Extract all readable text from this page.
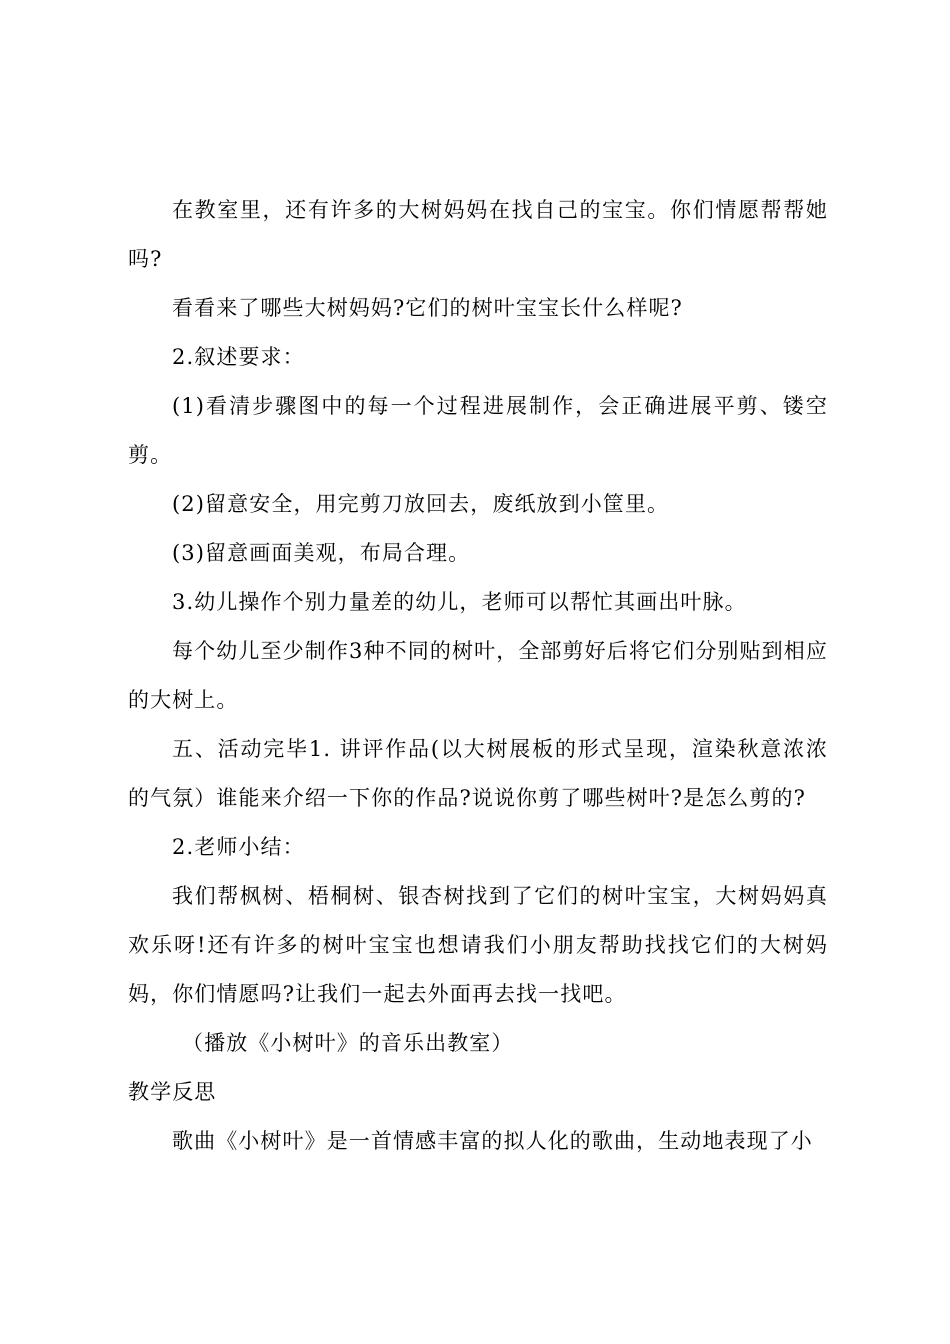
在教室里，还有许多的大树妈妈在找自己的宝宝。你们情愿帮帮她吗?

看看来了哪些大树妈妈?它们的树叶宝宝长什么样呢?

2.叙述要求：

(1)看清步骤图中的每一个过程进展制作，会正确进展平剪、镂空剪。

(2)留意安全，用完剪刀放回去，废纸放到小筐里。

(3)留意画面美观，布局合理。

3.幼儿操作个别力量差的幼儿，老师可以帮忙其画出叶脉。

每个幼儿至少制作3种不同的树叶，全部剪好后将它们分别贴到相应的大树上。

五、活动完毕1. 讲评作品(以大树展板的形式呈现，渲染秋意浓浓的气氛）谁能来介绍一下你的作品?说说你剪了哪些树叶?是怎么剪的?

2.老师小结：

我们帮枫树、梧桐树、银杏树找到了它们的树叶宝宝，大树妈妈真欢乐呀!还有许多的树叶宝宝也想请我们小朋友帮助找找它们的大树妈妈，你们情愿吗?让我们一起去外面再去找一找吧。

（播放《小树叶》的音乐出教室）

教学反思

歌曲《小树叶》是一首情感丰富的拟人化的歌曲，生动地表现了小
